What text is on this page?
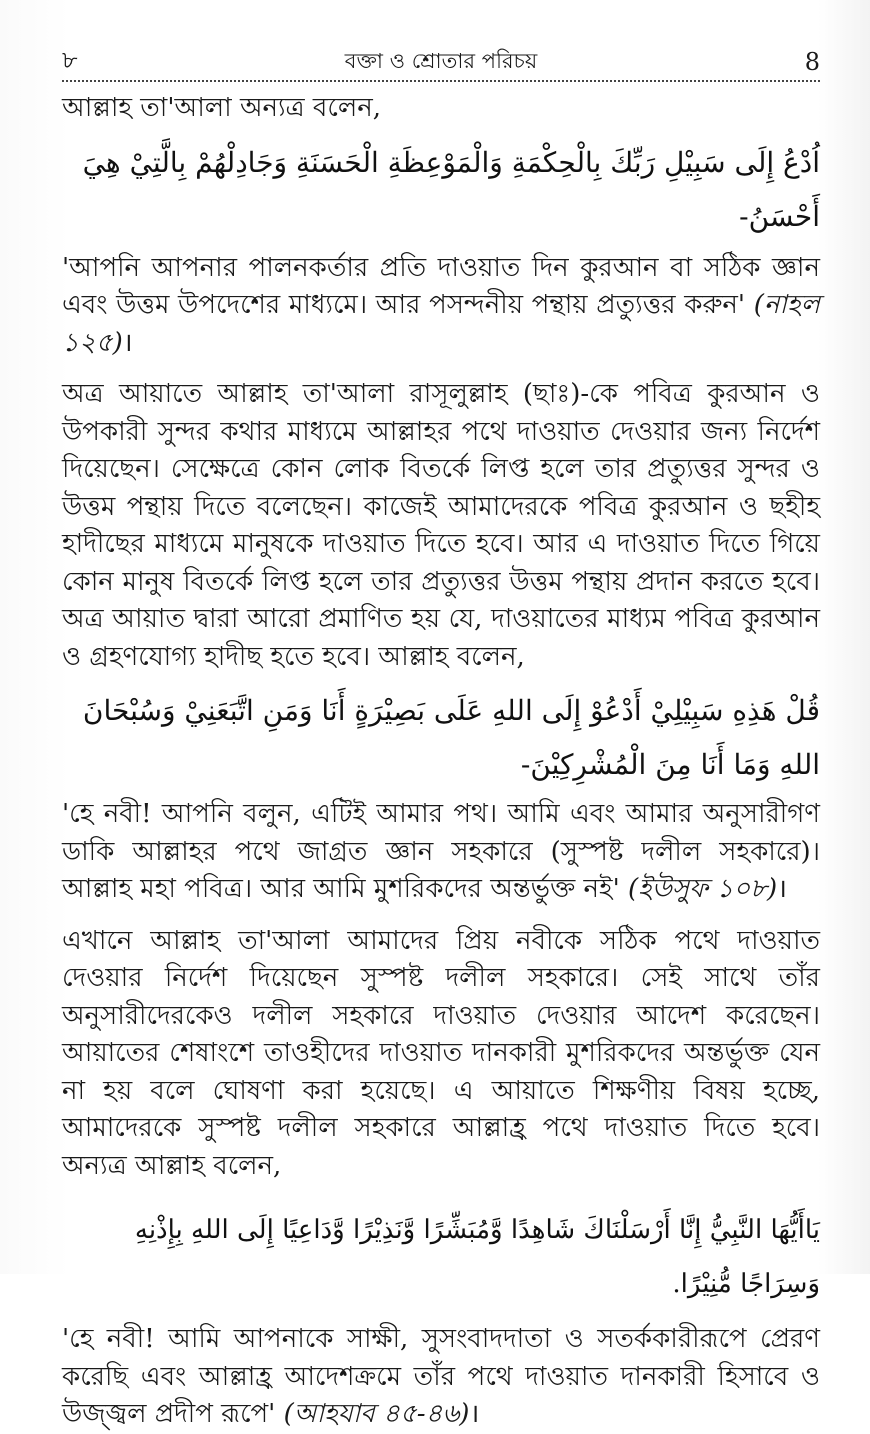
৮	বক্তা ও শ্রোতার পরিচয়	8

আল্লাহ তা'আলা অন্যত্র বলেন,

اُدْعُ إِلَى سَبِيْلِ رَبِّكَ بِالْحِكْمَةِ وَالْمَوْعِظَةِ الْحَسَنَةِ وَجَادِلْهُمْ بِالَّتِيْ هِيَ أَحْسَنُ-

'আপনি আপনার পালনকর্তার প্রতি দাওয়াত দিন কুরআন বা সঠিক জ্ঞান এবং উত্তম উপদেশের মাধ্যমে। আর পসন্দনীয় পন্থায় প্রত্যুত্তর করুন' (নাহল ১২৫)।

অত্র আয়াতে আল্লাহ তা'আলা রাসূলুল্লাহ (ছাঃ)-কে পবিত্র কুরআন ও উপকারী সুন্দর কথার মাধ্যমে আল্লাহর পথে দাওয়াত দেওয়ার জন্য নির্দেশ দিয়েছেন। সেক্ষেত্রে কোন লোক বিতর্কে লিপ্ত হলে তার প্রত্যুত্তর সুন্দর ও উত্তম পন্থায় দিতে বলেছেন। কাজেই আমাদেরকে পবিত্র কুরআন ও ছহীহ হাদীছের মাধ্যমে মানুষকে দাওয়াত দিতে হবে। আর এ দাওয়াত দিতে গিয়ে কোন মানুষ বিতর্কে লিপ্ত হলে তার প্রত্যুত্তর উত্তম পন্থায় প্রদান করতে হবে। অত্র আয়াত দ্বারা আরো প্রমাণিত হয় যে, দাওয়াতের মাধ্যম পবিত্র কুরআন ও গ্রহণযোগ্য হাদীছ হতে হবে। আল্লাহ বলেন,

قُلْ هَذِهِ سَبِيْلِيْ أَدْعُوْ إِلَى اللهِ عَلَى بَصِيْرَةٍ أَنَا وَمَنِ اتَّبَعَنِيْ وَسُبْحَانَ اللهِ وَمَا أَنَا مِنَ الْمُشْرِكِيْنَ-

'হে নবী! আপনি বলুন, এটিই আমার পথ। আমি এবং আমার অনুসারীগণ ডাকি আল্লাহর পথে জাগ্রত জ্ঞান সহকারে (সুস্পষ্ট দলীল সহকারে)। আল্লাহ মহা পবিত্র। আর আমি মুশরিকদের অন্তর্ভুক্ত নই' (ইউসুফ ১০৮)।

এখানে আল্লাহ তা'আলা আমাদের প্রিয় নবীকে সঠিক পথে দাওয়াত দেওয়ার নির্দেশ দিয়েছেন সুস্পষ্ট দলীল সহকারে। সেই সাথে তাঁর অনুসারীদেরকেও দলীল সহকারে দাওয়াত দেওয়ার আদেশ করেছেন। আয়াতের শেষাংশে তাওহীদের দাওয়াত দানকারী মুশরিকদের অন্তর্ভুক্ত যেন না হয় বলে ঘোষণা করা হয়েছে। এ আয়াতে শিক্ষণীয় বিষয় হচ্ছে, আমাদেরকে সুস্পষ্ট দলীল সহকারে আল্লাহ্র পথে দাওয়াত দিতে হবে। অন্যত্র আল্লাহ বলেন,

يَاأَيُّهَا النَّبِيُّ إِنَّا أَرْسَلْنَاكَ شَاهِدًا وَّمُبَشِّرًا وَّنَذِيْرًا وَّدَاعِيًا إِلَى اللهِ بِإِذْنِهِ وَسِرَاجًا مُّنِيْرًا.

'হে নবী! আমি আপনাকে সাক্ষী, সুসংবাদদাতা ও সতর্ককারীরূপে প্রেরণ করেছি এবং আল্লাহ্র আদেশক্রমে তাঁর পথে দাওয়াত দানকারী হিসাবে ও উজ্জ্বল প্রদীপ রূপে' (আহযাব ৪৫-৪৬)।
